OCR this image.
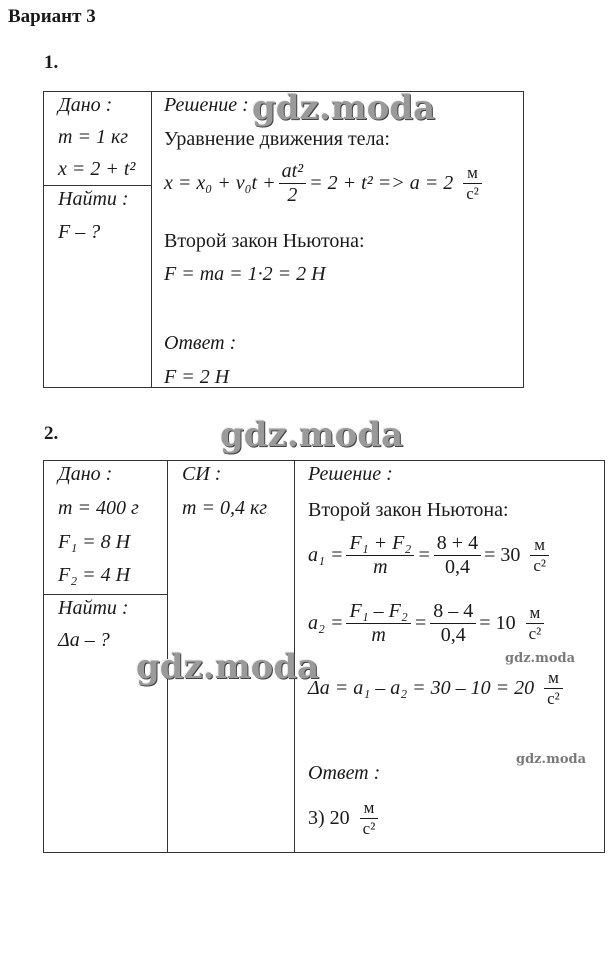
Вариант 3
1.
Дано :
m = 1 кг
x = 2 + t²
Найти :
F – ?
Решение :
Уравнение движения тела:
$x = x_0 + v_0t + \frac{\text{at²}}{2} = 2 + t^2 => a = 2 \frac{м}{\text{с²}}$
Второй закон Ньютона:
F = ma = 1·2 = 2 Н
Ответ :
F = 2 Н
2.
Дано :
m = 400 г
F₁ = 8 Н
F₂ = 4 Н
Найти :
Δa – ?
СИ :
m = 0,4 кг
Решение :
Второй закон Ньютона:
$a_1 = \frac{\text{F₁ + F₂}}{m} = \frac{8 + 4}{0,4} = 30 \frac{м}{\text{с²}}$
$a_2 = \frac{\text{F₁ – F₂}}{m} = \frac{8 - 4}{0,4} = 10 \frac{м}{\text{с²}}$
$\Delta a = a_1 - a_2 = 30 - 10 = 20 \frac{м}{\text{с²}}$
Ответ :
3) $20 \frac{м}{\text{с²}}$
gdz.moda
gdz.moda
gdz.moda	gdz.moda
gdz.moda
